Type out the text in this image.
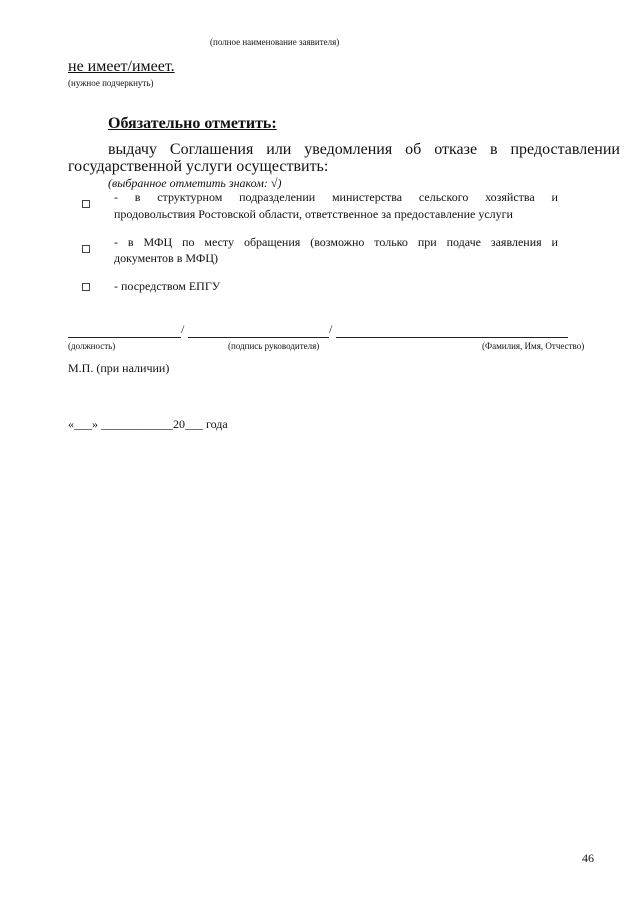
(полное наименование заявителя)
не имеет/имеет.
(нужное подчеркнуть)
Обязательно отметить:
выдачу Соглашения или уведомления об отказе в предоставлении
государственной услуги осуществить:
(выбранное отметить знаком: √)
- в структурном подразделении министерства сельского хозяйства и
продовольствия Ростовской области, ответственное за предоставление услуги
- в МФЦ по месту обращения (возможно только при подаче заявления и
документов в МФЦ)
- посредством ЕПГУ
/	/
(должность)	(подпись руководителя)	(Фамилия, Имя, Отчество)
М.П. (при наличии)
«___» ____________20___ года
46
